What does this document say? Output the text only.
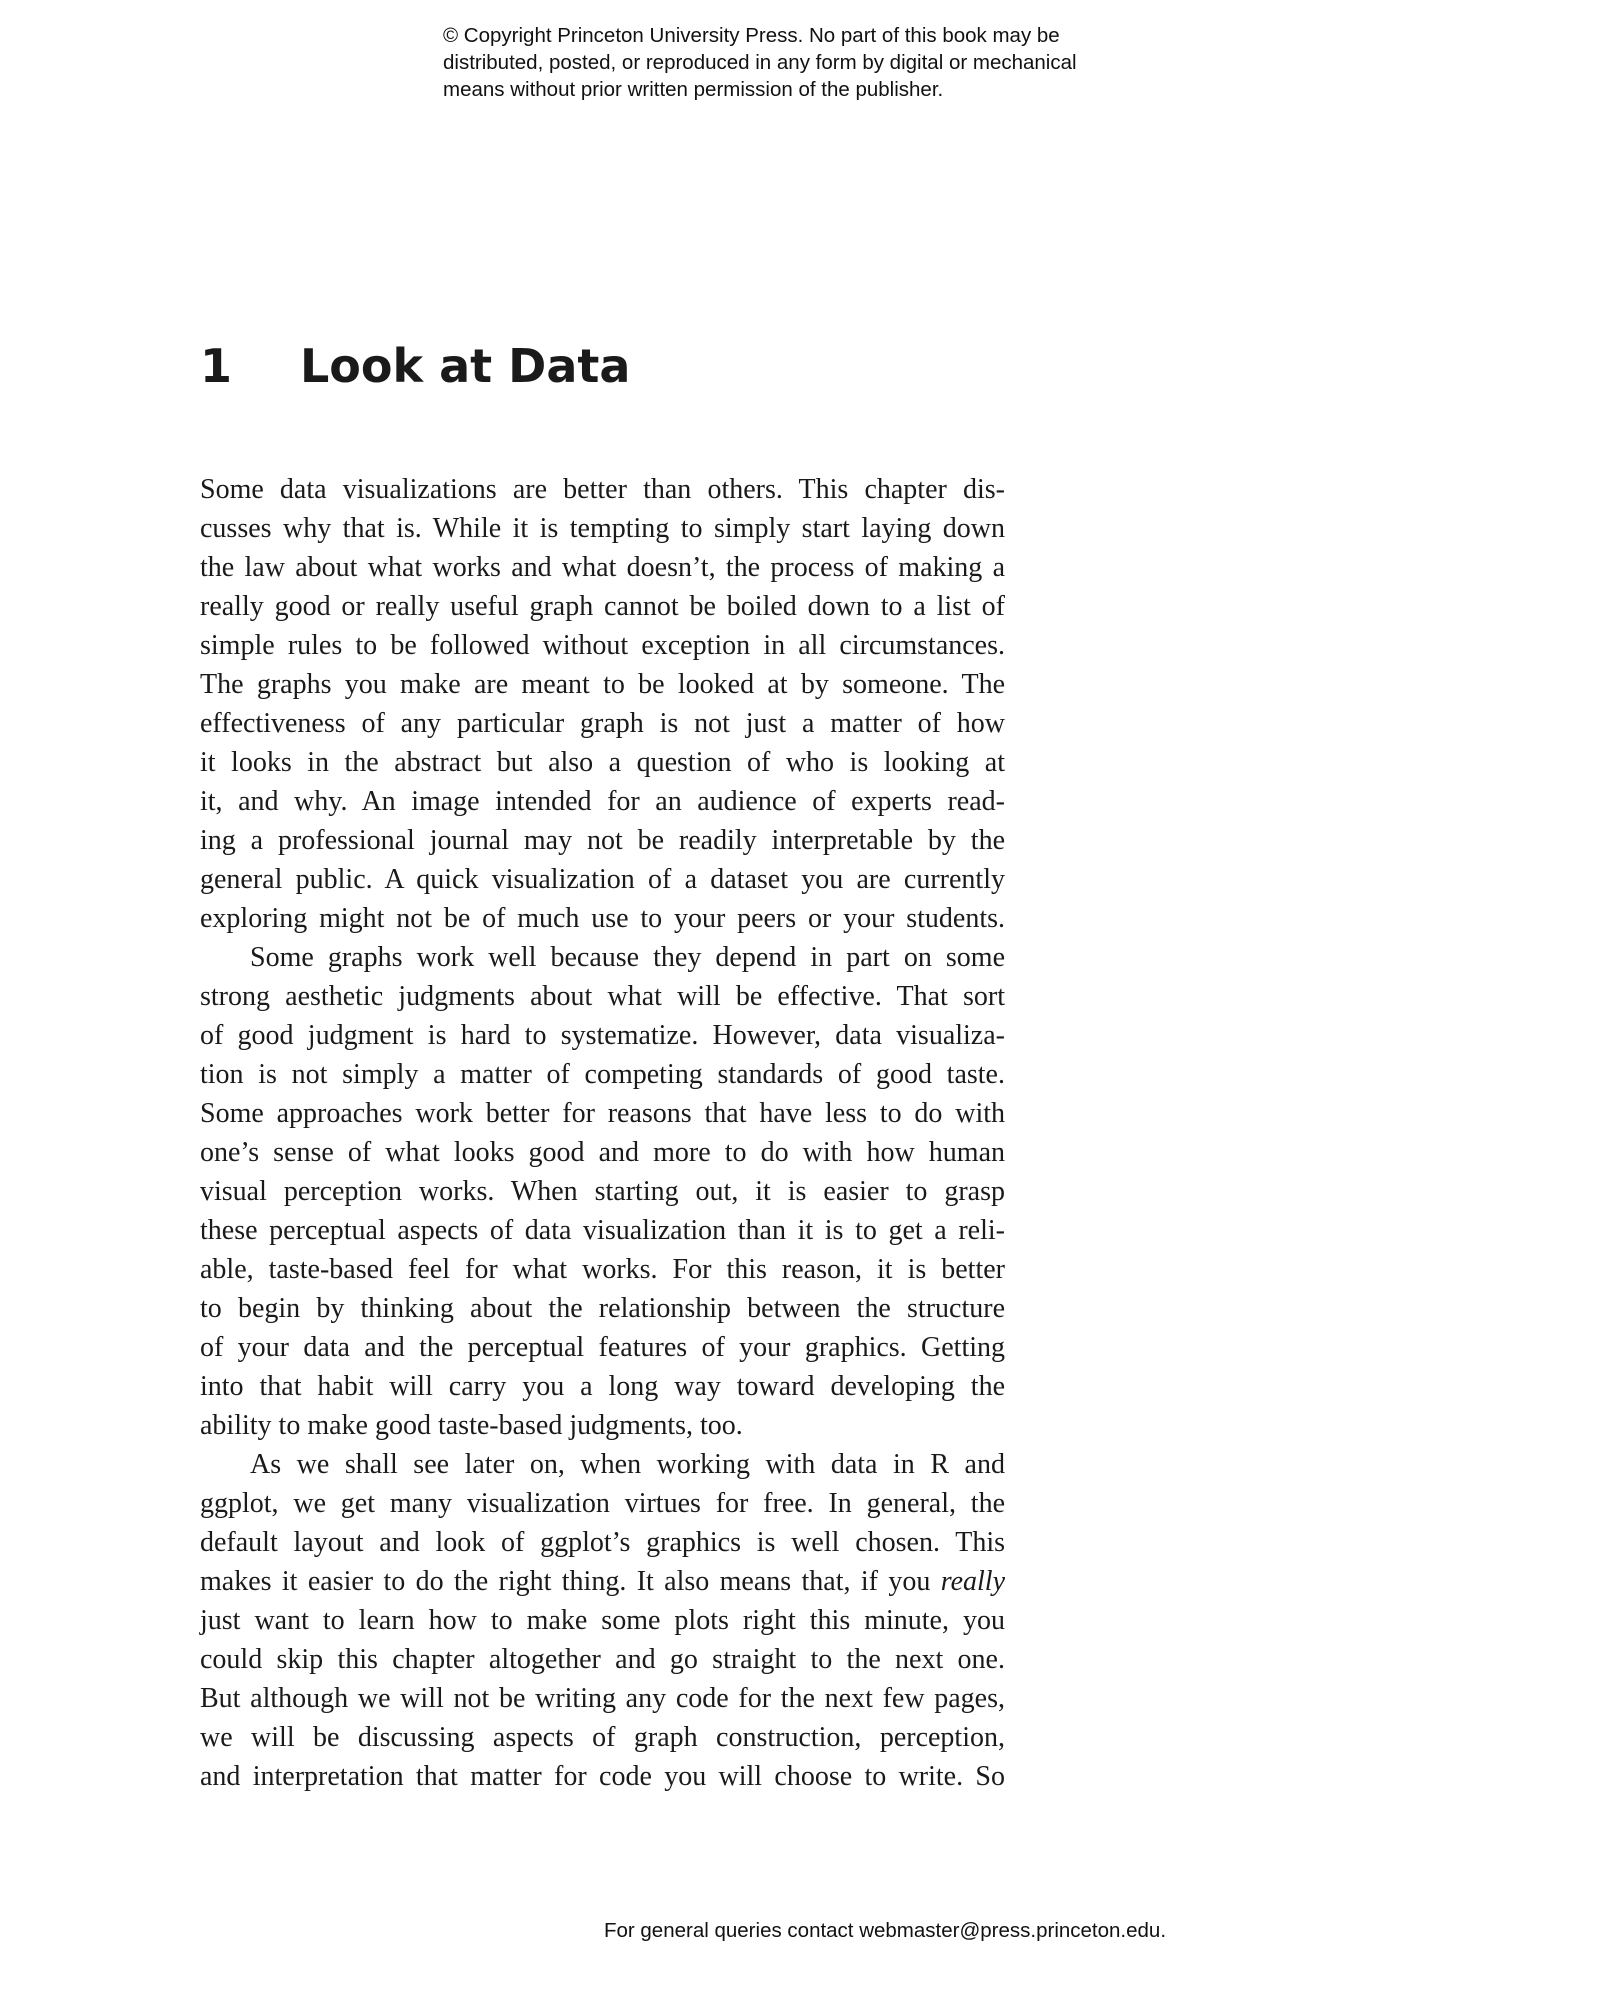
© Copyright Princeton University Press. No part of this book may be
distributed, posted, or reproduced in any form by digital or mechanical
means without prior written permission of the publisher.
1 Look at Data
Some data visualizations are better than others. This chapter dis-
cusses why that is. While it is tempting to simply start laying down
the law about what works and what doesn’t, the process of making a
really good or really useful graph cannot be boiled down to a list of
simple rules to be followed without exception in all circumstances.
The graphs you make are meant to be looked at by someone. The
effectiveness of any particular graph is not just a matter of how
it looks in the abstract but also a question of who is looking at
it, and why. An image intended for an audience of experts read-
ing a professional journal may not be readily interpretable by the
general public. A quick visualization of a dataset you are currently
exploring might not be of much use to your peers or your students.
Some graphs work well because they depend in part on some
strong aesthetic judgments about what will be effective. That sort
of good judgment is hard to systematize. However, data visualiza-
tion is not simply a matter of competing standards of good taste.
Some approaches work better for reasons that have less to do with
one’s sense of what looks good and more to do with how human
visual perception works. When starting out, it is easier to grasp
these perceptual aspects of data visualization than it is to get a reli-
able, taste-based feel for what works. For this reason, it is better
to begin by thinking about the relationship between the structure
of your data and the perceptual features of your graphics. Getting
into that habit will carry you a long way toward developing the
ability to make good taste-based judgments, too.
As we shall see later on, when working with data in R and
ggplot, we get many visualization virtues for free. In general, the
default layout and look of ggplot’s graphics is well chosen. This
makes it easier to do the right thing. It also means that, if you really
just want to learn how to make some plots right this minute, you
could skip this chapter altogether and go straight to the next one.
But although we will not be writing any code for the next few pages,
we will be discussing aspects of graph construction, perception,
and interpretation that matter for code you will choose to write. So
For general queries contact webmaster@press.princeton.edu.
